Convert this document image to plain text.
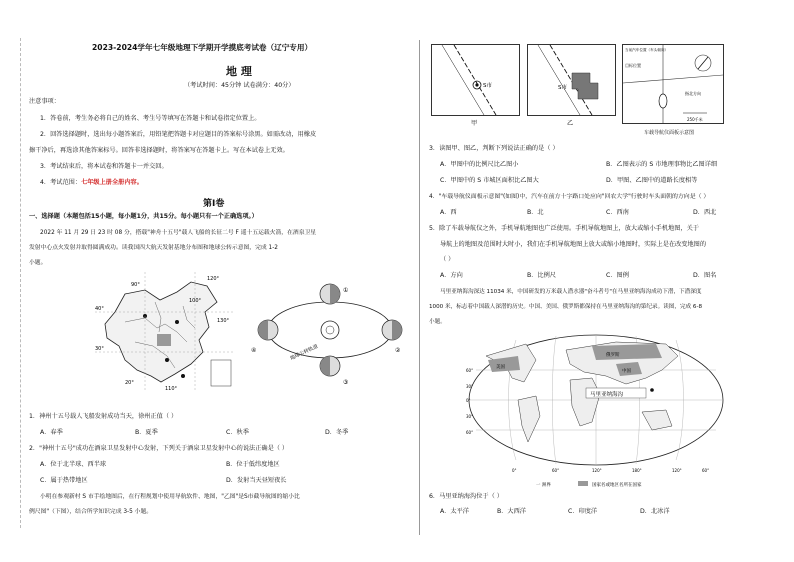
2023-2024学年七年级地理下学期开学摸底考试卷（辽宁专用）
地 理
（考试时间：45分钟 试卷满分：40分）
注意事项：
1．答卷前，考生务必将自己的姓名、考生号等填写在答题卡和试卷指定位置上。
2．回答选择题时，选出每小题答案后，用铅笔把答题卡对应题目的答案标号涂黑。如需改动，用橡皮
擦干净后，再选涂其他答案标号。回答非选择题时，将答案写在答题卡上。写在本试卷上无效。
3．考试结束后，将本试卷和答题卡一并交回。
4．考试范围：七年级上册全册内容。
第Ⅰ卷
一、选择题（本题包括15小题，每小题1分，共15分。每小题只有一个正确选项。）
2022 年 11 月 29 日 23 时 08 分，搭载"神舟十五号"载人飞船的长征二号 F 遥十五运载火箭，在酒泉卫星
发射中心点火发射并取得圆满成功。读我国四大航天发射基地分布图和地球公转示意图，完成 1-2
小题。
120°
90°
40°
30°
20°
110°
130°
100°
①
②
③
④	地球公转轨道
1．神州十五号载人飞船发射成功当天，徐州正值（ ）
A．春季	B．夏季	C．秋季	D．冬季
2．"神州十五号"成功在酒泉卫星发射中心发射，下列关于酒泉卫星发射中心的说法正确是（ ）
A．位于北半球、西半球	B．位于低纬度地区
C．属于热带地区	D．发射当天昼短夜长
小明在参观新村 S 市手绘地图后，在行程规划中使用导航软件、地图，"乙图"是S市截导航图的缩小比
例尺图"（下图），结合所学知识完成 3-5 小题。
S市
甲
S市
乙
250千米
目标位置
指北方向
当前汽车位置（车头朝向）
车载导航仪面板示意图
3．读图甲、图乙，判断下列说法正确的是（ ）
A．甲图中的比例尺比乙图小	B．乙图表示的 S 市地理事物比乙图详细
C．甲图中的 S 市城区面积比乙图大	D．甲图、乙图中的道路长度相等
4．"车载导航仪面板示意图"(如图)中，汽车在前方十字路口处应向"回农大学"行驶时车头面朝的方向是（ ）
A．西	B．北	C．西南	D．西北
5．除了车载导航仪之外，手机导航地图也广泛使用。手机导航地图上，放大或缩小手机地图，关于
导航上的地图及范围时大时小，我们在手机导航地图上放大或缩小地图时，实际上是在改变地图的
（ ）
A．方向	B．比例尺	C．图例	D．图名
马里亚纳海沟深达 11034 米，中国研发的万米载人潜水器"奋斗者号"在马里亚纳海沟成功下潜，下潜深度
1000 米，标志着中国载人深潜的历史。中国、美国、俄罗斯都保持在马里亚纳海沟的第纪录。读图，完成 6-8
小题。
马里亚纳海沟
俄罗斯
中国
美国
60°
30°
0°
30°
60°
0°	60°	120°	180°	120°	60°
一 洲界	国家名或地区名所在国家
6．马里亚纳海沟位于（ ）
A．太平洋	B．大西洋	C．印度洋	D．北冰洋
